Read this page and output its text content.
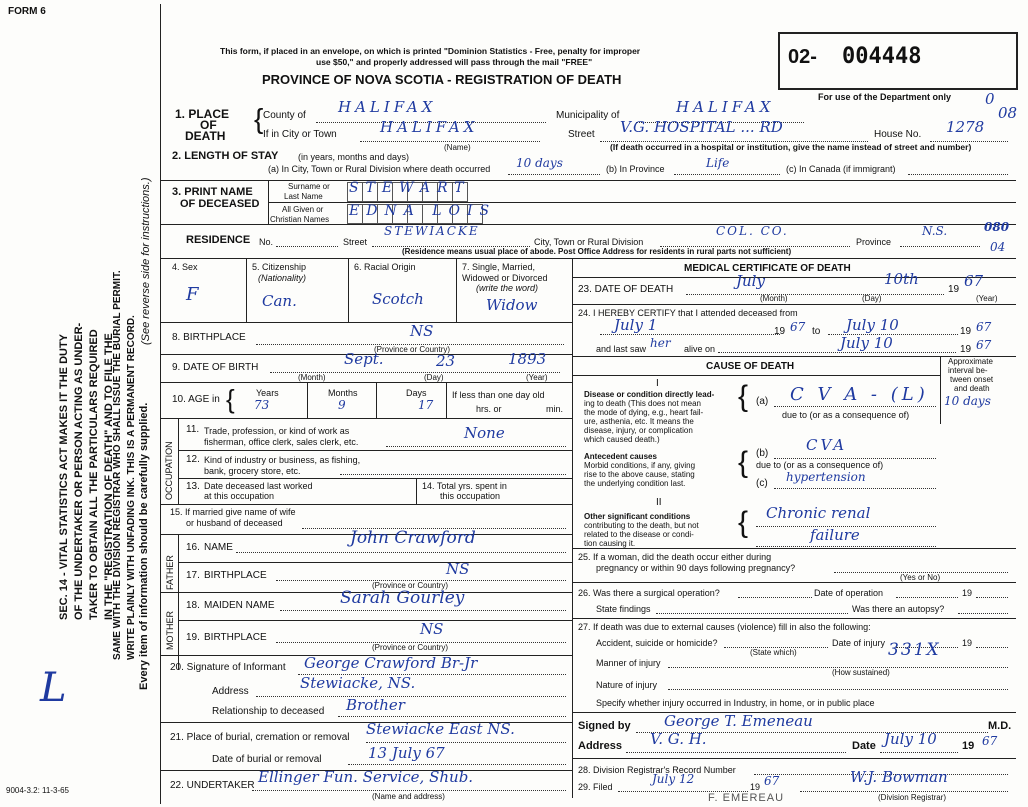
FORM 6
SEC. 14 - VITAL STATISTICS ACT MAKES IT THE DUTY OF THE UNDERTAKER OR PERSON ACTING AS UNDER- TAKER TO OBTAIN ALL THE PARTICULARS REQUIRED IN THE "REGISTRATION OF DEATH" AND TO FILE THE
SAME WITH THE DIVISION REGISTRAR WHO SHALL ISSUE THE BURIAL PERMIT. WRITE PLAINLY WITH UNFADING INK. THIS IS A PERMANENT RECORD. Every item of information should be carefully supplied.
(See reverse side for instructions.)
L
This form, if placed in an envelope, on which is printed "Dominion Statistics - Free, penalty for improper
use $50," and properly addressed will pass through the mail "FREE"
PROVINCE OF NOVA SCOTIA - REGISTRATION OF DEATH
02- 004448
For use of the Department only 0
08
1. PLACE
OF
DEATH
{ County of HALIFAX	Municipality of	HALIFAX
If in City or Town	HALIFAX
(Name)
Street V.G. HOSPITAL ... RD	House No. 1278
(If death occurred in a hospital or institution, give the name instead of street and number)
2. LENGTH OF STAY (in years, months and days)
(a) In City, Town or Rural Division where death occurred 10 days	(b) In Province	Life	(c) In Canada (if immigrant)
3. PRINT NAME
OF DECEASED
Surname or
Last Name
All Given or
Christian Names
STEWART
EDNA LOIS
RESIDENCE No.	Street
STEWIACKE
City, Town or Rural Division
COL. CO.
Province
N.S.	080
04
(Residence means usual place of abode. Post Office Address for residents in rural parts not sufficient)
4. Sex
F
5. Citizenship
(Nationality)
Can.
6. Racial Origin
Scotch
7. Single, Married,
Widowed or Divorced
(write the word)
Widow
8. BIRTHPLACE	NS
(Province or Country)
9. DATE OF BIRTH	Sept.	23	1893
(Month)	(Day)	(Year)
10. AGE in { Years
73
Months
9
Days
17
If less than one day old
hrs. or	min.
OCCUPATION
11. Trade, profession, or kind of work as
fisherman, office clerk, sales clerk, etc.	None
12. Kind of industry or business, as fishing,
bank, grocery store, etc.
13. Date deceased last worked
at this occupation
14. Total yrs. spent in
this occupation
15. If married give name of wife
or husband of deceased
FATHER
16. NAME	John Crawford
17. BIRTHPLACE	NS
(Province or Country)
MOTHER
18. MAIDEN NAME	Sarah Gourley
19. BIRTHPLACE	NS
(Province or Country)
20. Signature of Informant George Crawford Br-Jr
Address	Stewiacke, NS.
Relationship to deceased Brother
21. Place of burial, cremation or removal Stewiacke East NS.
Date of burial or removal	13 July 67
22. UNDERTAKER Ellinger Fun. Service, Shub.
(Name and address)
9004-3.2: 11-3-65
MEDICAL CERTIFICATE OF DEATH
23. DATE OF DEATH	July	10th
19 67
(Month)	(Day)	(Year)
24. I HEREBY CERTIFY that I attended deceased from
July 1	19 67 to July 10	19 67
and last saw her alive on	July 10	19 67
CAUSE OF DEATH	Approximate
interval be-
tween onset
and death
I
Disease or condition directly lead-
ing to death (This does not mean
the mode of dying, e.g., heart fail-
ure, asthenia, etc. It means the
disease, injury, or complication
which caused death.)
{ (a) C V A - (L) 10 days
due to (or as a consequence of)
Antecedent causes
Morbid conditions, if any, giving
rise to the above cause, stating
the underlying condition last.
{ (b)	CVA
due to (or as a consequence of)
(c) hypertension
II
Other significant conditions
contributing to the death, but not
related to the disease or condi-
tion causing it.
{ Chronic renal
failure
25. If a woman, did the death occur either during
pregnancy or within 90 days following pregnancy?
(Yes or No)
26. Was there a surgical operation?	Date of operation	19
State findings	Was there an autopsy?
27. If death was due to external causes (violence) fill in also the following:
Accident, suicide or homicide?	Date of injury	19
(State which)
Manner of injury
331X
(How sustained)
Nature of injury
Specify whether injury occurred in Industry, in home, or in public place
Signed by George T. Emeneau	M.D.
Address V. G. H.	Date July 10 19 67
28. Division Registrar's Record Number
29. Filed
July 12
19 67	W.J. Bowman
F. EMEREAU	(Division Registrar)
